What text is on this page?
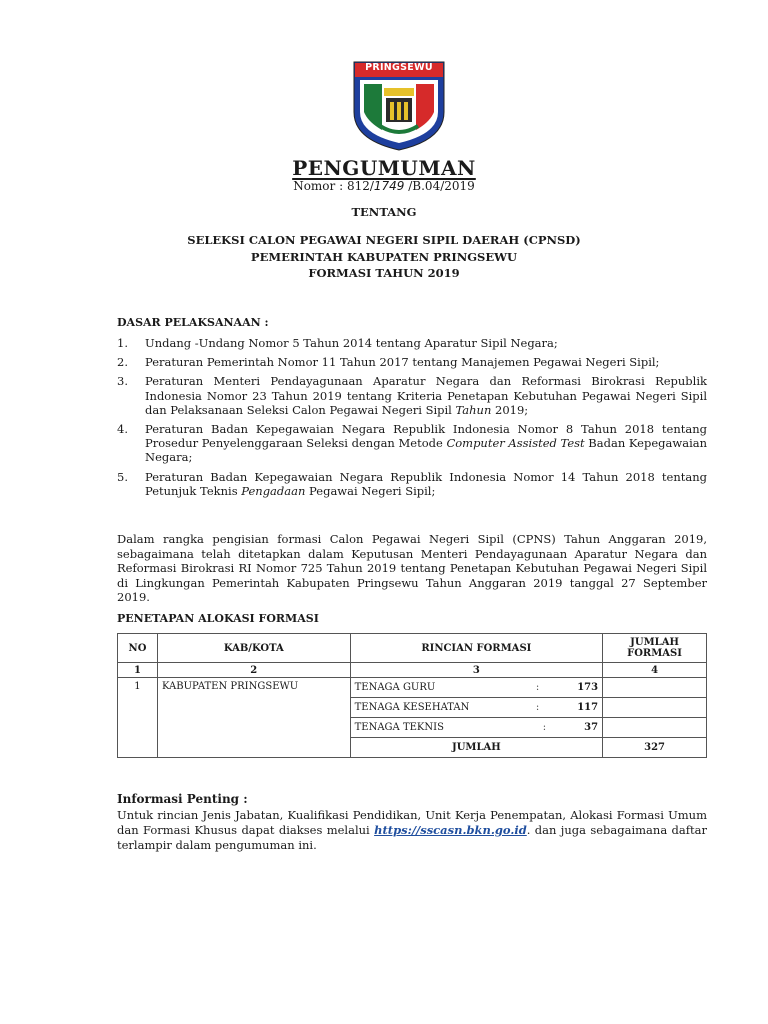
PRINGSEWU
PENGUMUMAN
Nomor : 812/1749 /B.04/2019
TENTANG
SELEKSI CALON PEGAWAI NEGERI SIPIL DAERAH (CPNSD)
PEMERINTAH KABUPATEN PRINGSEWU
FORMASI TAHUN 2019
DASAR PELAKSANAAN :
1. Undang -Undang Nomor 5 Tahun 2014 tentang Aparatur Sipil Negara;
2. Peraturan Pemerintah Nomor 11 Tahun 2017 tentang Manajemen Pegawai Negeri Sipil;
3. Peraturan Menteri Pendayagunaan Aparatur Negara dan Reformasi Birokrasi Republik Indonesia Nomor 23 Tahun 2019 tentang Kriteria Penetapan Kebutuhan Pegawai Negeri Sipil dan Pelaksanaan Seleksi Calon Pegawai Negeri Sipil Tahun 2019;
4. Peraturan Badan Kepegawaian Negara Republik Indonesia Nomor 8 Tahun 2018 tentang Prosedur Penyelenggaraan Seleksi dengan Metode Computer Assisted Test Badan Kepegawaian Negara;
5. Peraturan Badan Kepegawaian Negara Republik Indonesia Nomor 14 Tahun 2018 tentang Petunjuk Teknis Pengadaan Pegawai Negeri Sipil;
Dalam rangka pengisian formasi Calon Pegawai Negeri Sipil (CPNS) Tahun Anggaran 2019, sebagaimana telah ditetapkan dalam Keputusan Menteri Pendayagunaan Aparatur Negara dan Reformasi Birokrasi RI Nomor 725 Tahun 2019 tentang Penetapan Kebutuhan Pegawai Negeri Sipil di Lingkungan Pemerintah Kabupaten Pringsewu Tahun Anggaran 2019 tanggal 27 September 2019.
PENETAPAN ALOKASI FORMASI
NO	KAB/KOTA	RINCIAN FORMASI	JUMLAH FORMASI
1	2	3	4
1	KABUPATEN PRINGSEWU	TENAGA GURU : 173	

		TENAGA KESEHATAN : 117	

		TENAGA TEKNIS : 37	

		JUMLAH	327
Informasi Penting :
Untuk rincian Jenis Jabatan, Kualifikasi Pendidikan, Unit Kerja Penempatan, Alokasi Formasi Umum dan Formasi Khusus dapat diakses melalui https://sscasn.bkn.go.id. dan juga sebagaimana daftar terlampir dalam pengumuman ini.
